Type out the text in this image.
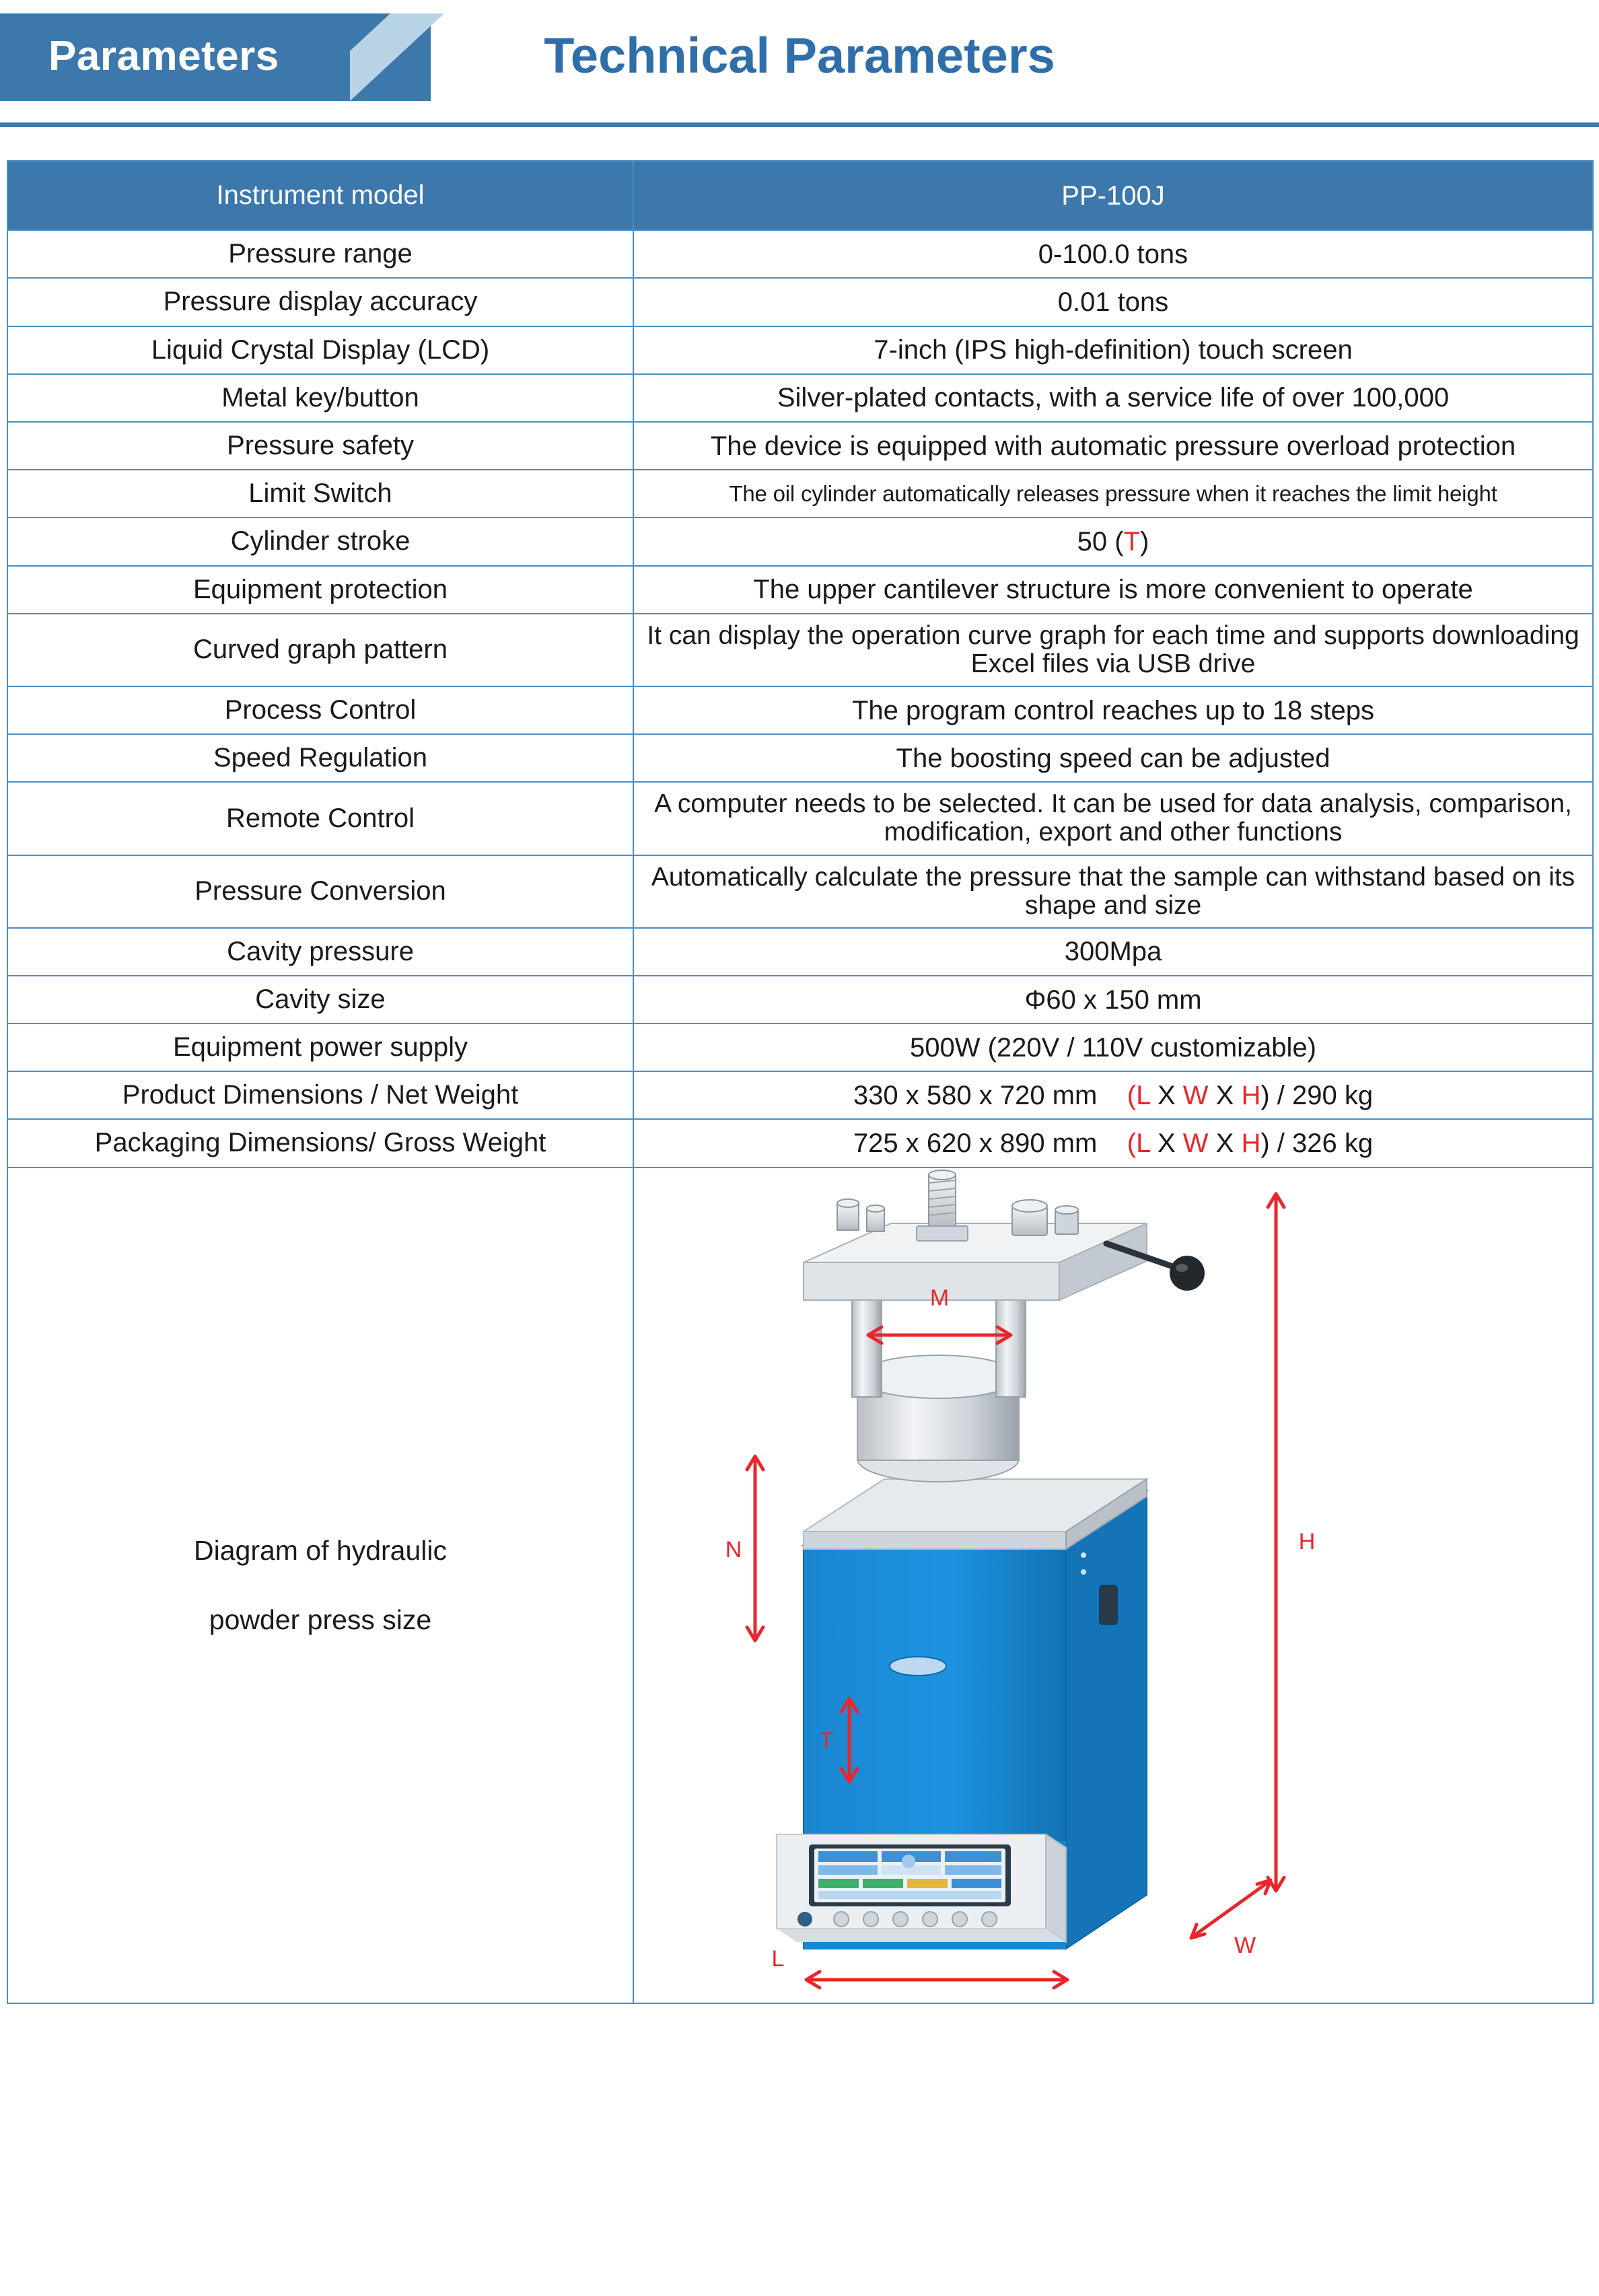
Parameters	Technical Parameters
Instrument model	PP-100J

Pressure range	0-100.0 tons

Pressure display accuracy	0.01 tons

Liquid Crystal Display (LCD)	7-inch (IPS high-definition) touch screen

Metal key/button	Silver-plated contacts, with a service life of over 100,000

Pressure safety	The device is equipped with automatic pressure overload protection

Limit Switch	The oil cylinder automatically releases pressure when it reaches the limit height

Cylinder stroke	50 (T)

Equipment protection	The upper cantilever structure is more convenient to operate

Curved graph pattern	It can display the operation curve graph for each time and supports downloading Excel files via USB drive

Process Control	The program control reaches up to 18 steps

Speed Regulation	The boosting speed can be adjusted

Remote Control	A computer needs to be selected. It can be used for data analysis, comparison, modification, export and other functions

Pressure Conversion	Automatically calculate the pressure that the sample can withstand based on its shape and size

Cavity pressure	300Mpa

Cavity size	Φ60 x 150 mm

Equipment power supply	500W (220V / 110V customizable)

Product Dimensions / Net Weight	330 x 580 x 720 mm (L X W X H) / 290 kg

Packaging Dimensions/ Gross Weight	725 x 620 x 890 mm (L X W X H) / 326 kg

Diagram of hydraulic
powder press size

M
N
T
H
W
L
